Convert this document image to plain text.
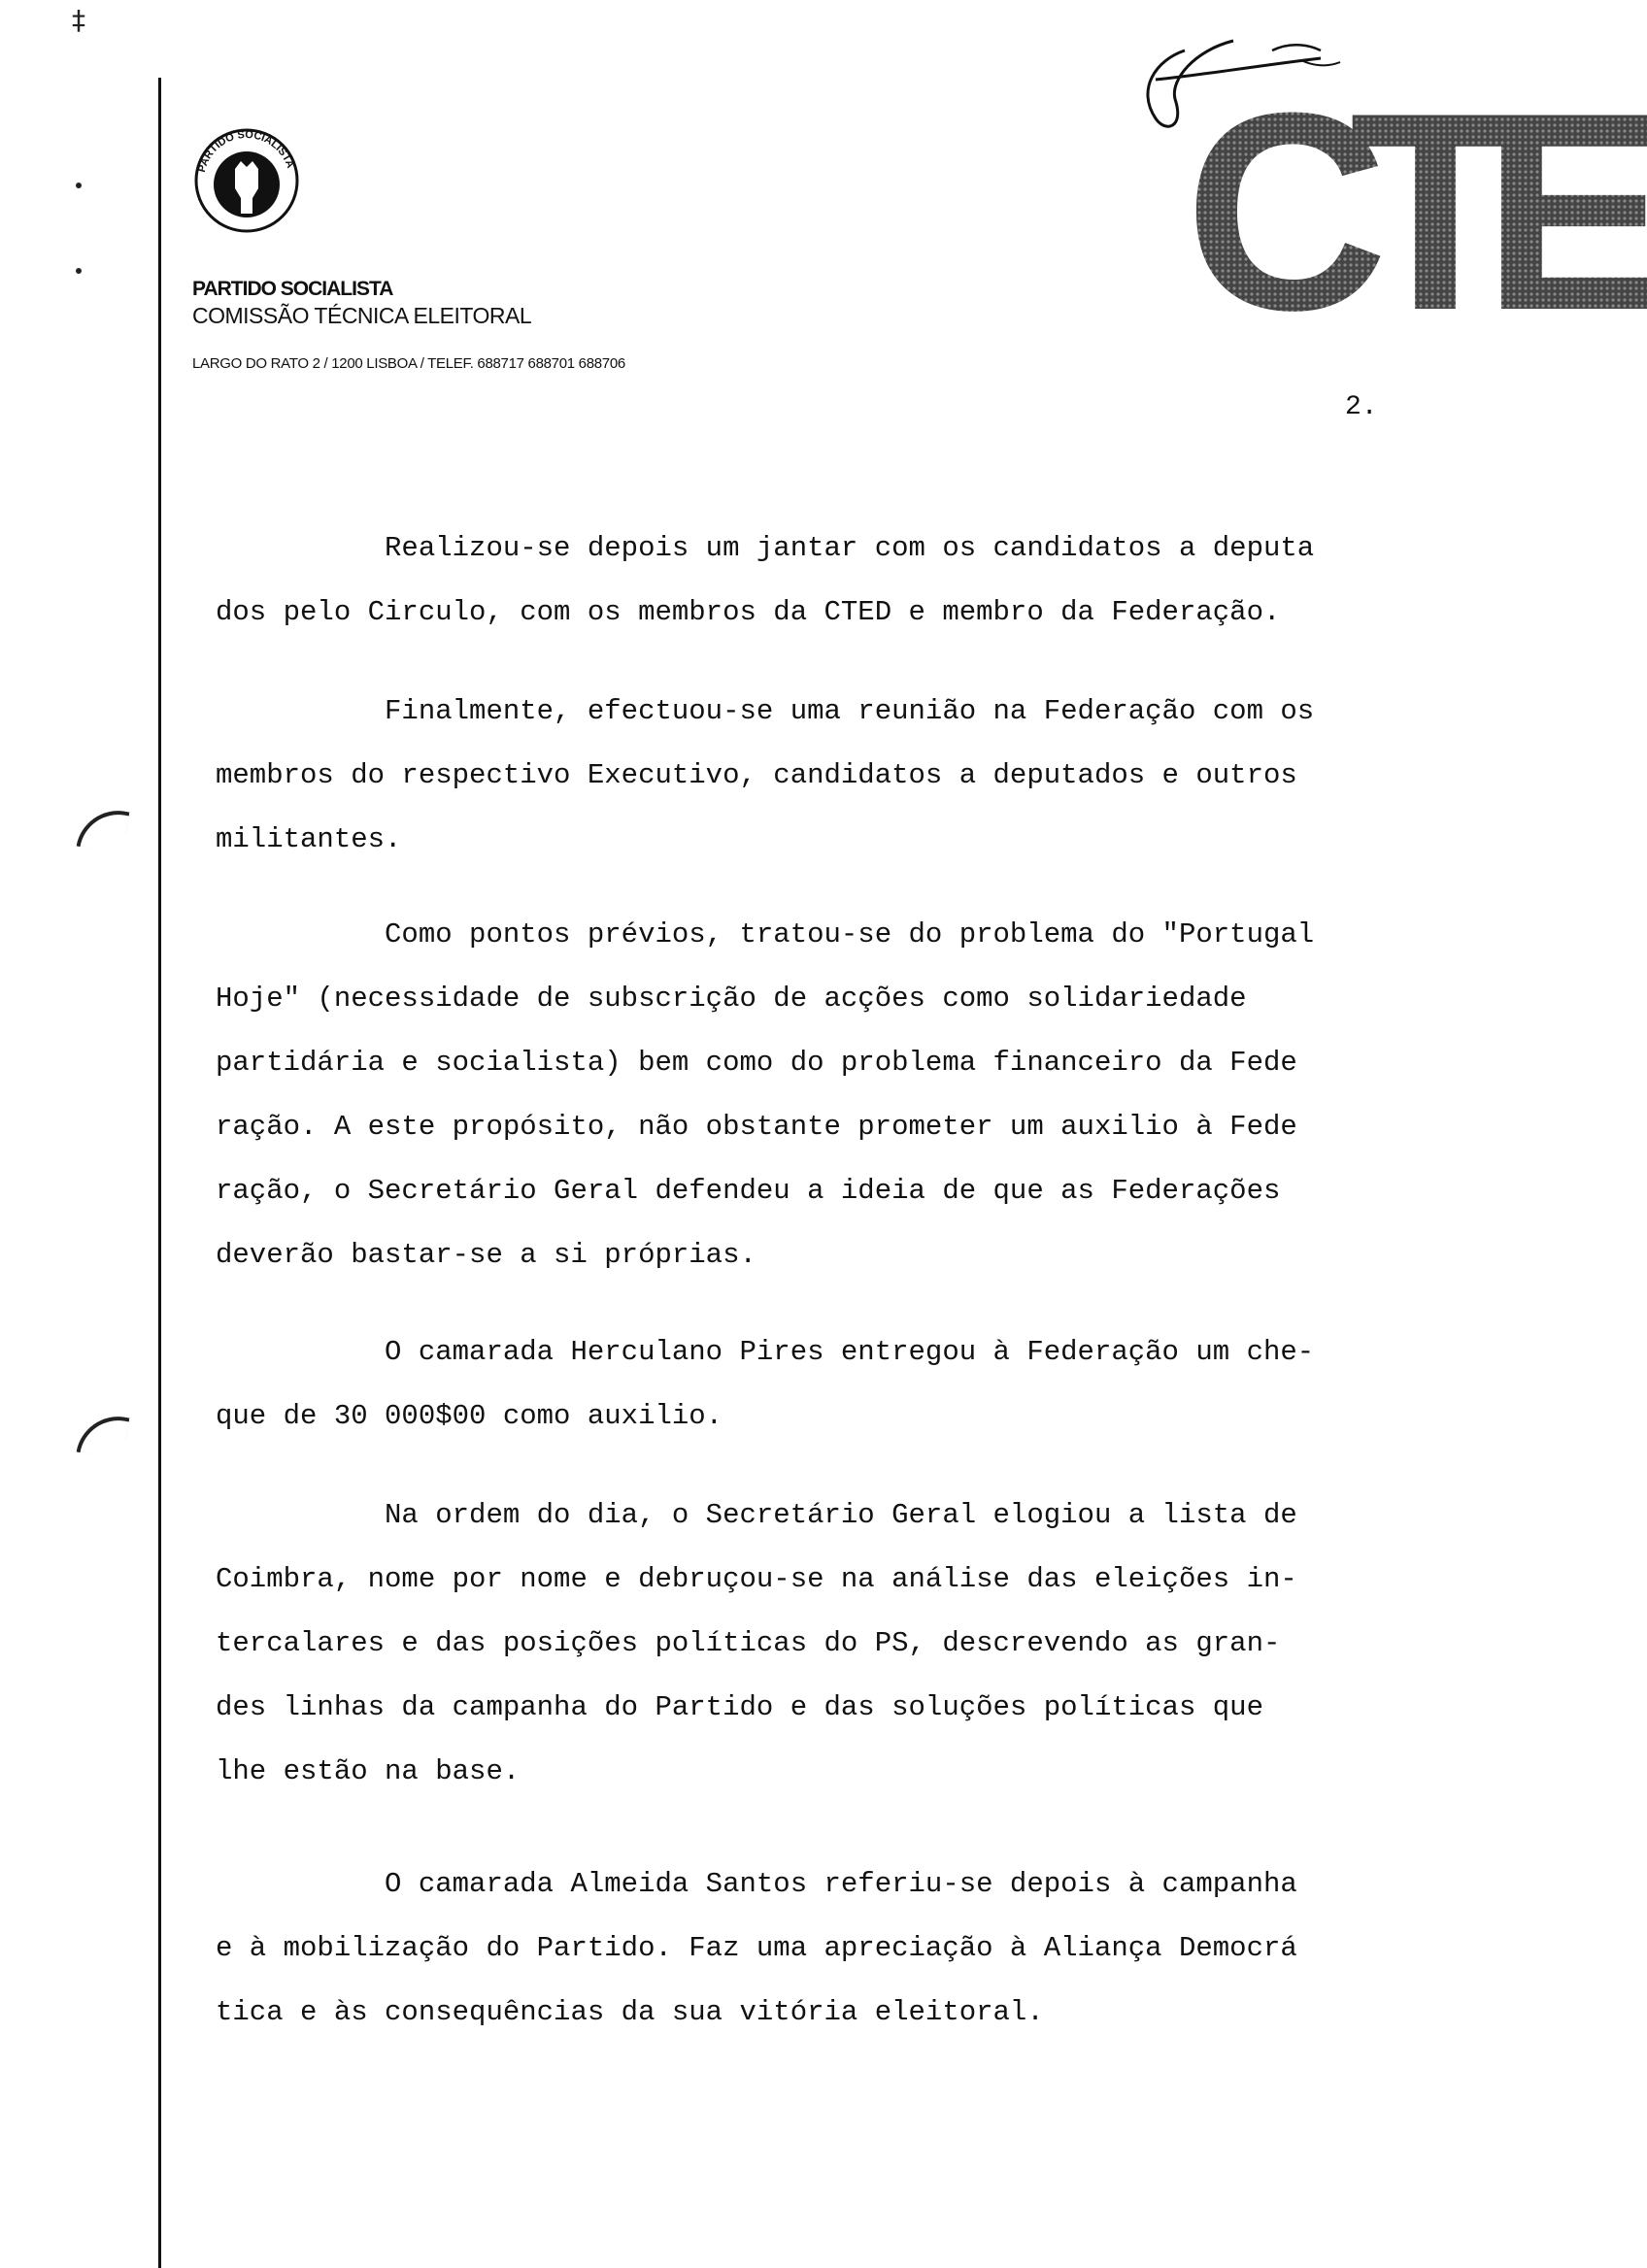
‡
PARTIDO SOCIALISTA
PARTIDO SOCIALISTA
COMISSÃO TÉCNICA ELEITORAL
LARGO DO RATO 2 / 1200 LISBOA / TELEF. 688717 688701 688706 CTE
2.
Realizou-se depois um jantar com os candidatos a deputa
dos pelo Circulo, com os membros da CTED e membro da Federação.
Finalmente, efectuou-se uma reunião na Federação com os
membros do respectivo Executivo, candidatos a deputados e outros
militantes.
Como pontos prévios, tratou-se do problema do "Portugal
Hoje" (necessidade de subscrição de acções como solidariedade
partidária e socialista) bem como do problema financeiro da Fede
ração. A este propósito, não obstante prometer um auxilio à Fede
ração, o Secretário Geral defendeu a ideia de que as Federações
deverão bastar-se a si próprias.
O camarada Herculano Pires entregou à Federação um che-
que de 30 000$00 como auxilio.
Na ordem do dia, o Secretário Geral elogiou a lista de
Coimbra, nome por nome e debruçou-se na análise das eleições in-
tercalares e das posições políticas do PS, descrevendo as gran-
des linhas da campanha do Partido e das soluções políticas que
lhe estão na base.
O camarada Almeida Santos referiu-se depois à campanha
e à mobilização do Partido. Faz uma apreciação à Aliança Democrá
tica e às consequências da sua vitória eleitoral.
